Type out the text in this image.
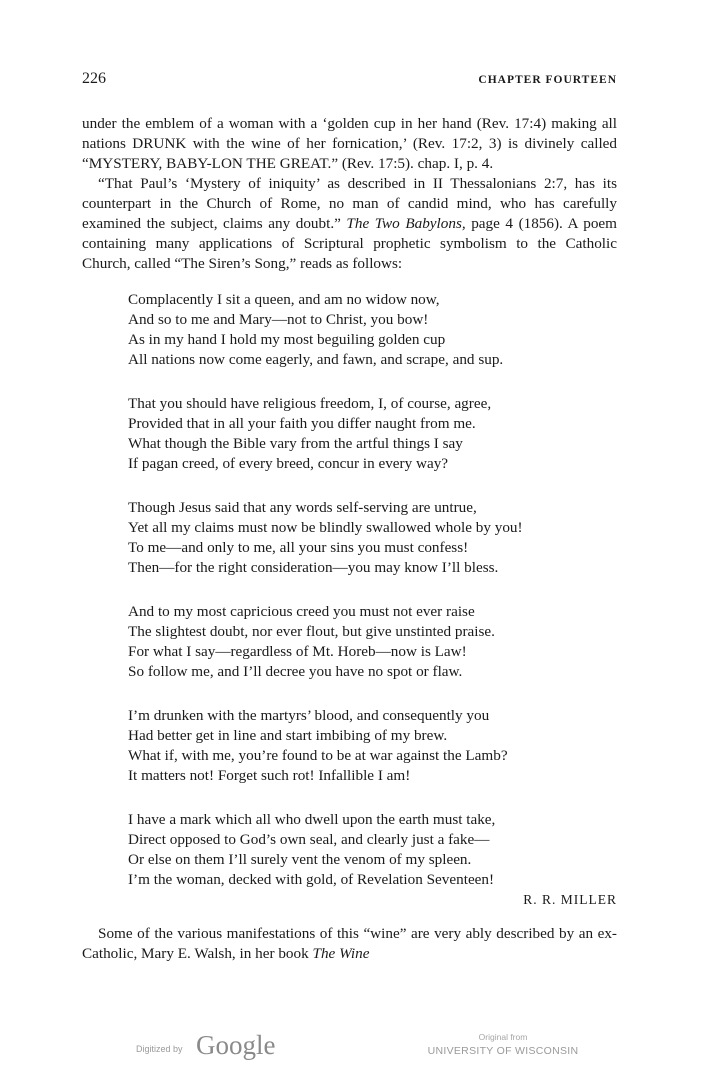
226	CHAPTER FOURTEEN

under the emblem of a woman with a ‘golden cup in her hand (Rev. 17:4) making all nations DRUNK with the wine of her fornication,’ (Rev. 17:2, 3) is divinely called “MYSTERY, BABY-LON THE GREAT.” (Rev. 17:5). chap. I, p. 4.

“That Paul’s ‘Mystery of iniquity’ as described in II Thessalonians 2:7, has its counterpart in the Church of Rome, no man of candid mind, who has carefully examined the subject, claims any doubt.” The Two Babylons, page 4 (1856). A poem containing many applications of Scriptural prophetic symbolism to the Catholic Church, called “The Siren’s Song,” reads as follows:

Complacently I sit a queen, and am no widow now,
And so to me and Mary—not to Christ, you bow!
As in my hand I hold my most beguiling golden cup
All nations now come eagerly, and fawn, and scrape, and sup.
That you should have religious freedom, I, of course, agree,
Provided that in all your faith you differ naught from me.
What though the Bible vary from the artful things I say
If pagan creed, of every breed, concur in every way?
Though Jesus said that any words self-serving are untrue,
Yet all my claims must now be blindly swallowed whole by you!
To me—and only to me, all your sins you must confess!
Then—for the right consideration—you may know I’ll bless.
And to my most capricious creed you must not ever raise
The slightest doubt, nor ever flout, but give unstinted praise.
For what I say—regardless of Mt. Horeb—now is Law!
So follow me, and I’ll decree you have no spot or flaw.
I’m drunken with the martyrs’ blood, and consequently you
Had better get in line and start imbibing of my brew.
What if, with me, you’re found to be at war against the Lamb?
It matters not! Forget such rot! Infallible I am!
I have a mark which all who dwell upon the earth must take,
Direct opposed to God’s own seal, and clearly just a fake—
Or else on them I’ll surely vent the venom of my spleen.
I’m the woman, decked with gold, of Revelation Seventeen!
R. R. MILLER

Some of the various manifestations of this “wine” are very ably described by an ex-Catholic, Mary E. Walsh, in her book The Wine

Digitized by Google	Original from
UNIVERSITY OF WISCONSIN
